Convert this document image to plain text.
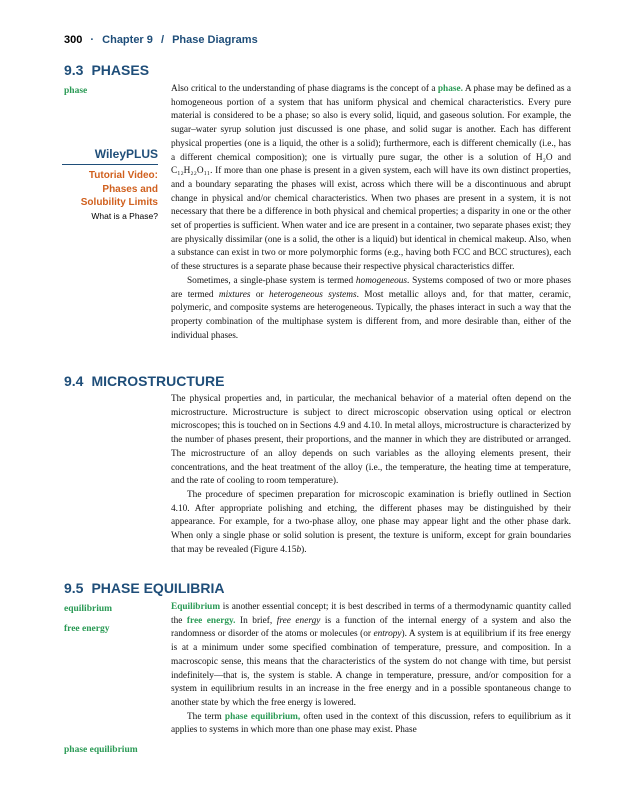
300 · Chapter 9 / Phase Diagrams
9.3 PHASES
phase
WileyPLUS
Tutorial Video:
Phases and
Solubility Limits
What is a Phase?

Also critical to the understanding of phase diagrams is the concept of a phase. A phase may be defined as a homogeneous portion of a system that has uniform physical and chemical characteristics. Every pure material is considered to be a phase; so also is every solid, liquid, and gaseous solution. For example, the sugar–water syrup solution just discussed is one phase, and solid sugar is another. Each has different physical properties (one is a liquid, the other is a solid); furthermore, each is different chemically (i.e., has a different chemical composition); one is virtually pure sugar, the other is a solution of H₂O and C₁₂H₂₂O₁₁. If more than one phase is present in a given system, each will have its own distinct properties, and a boundary separating the phases will exist, across which there will be a discontinuous and abrupt change in physical and/or chemical characteristics. When two phases are present in a system, it is not necessary that there be a difference in both physical and chemical properties; a disparity in one or the other set of properties is sufficient. When water and ice are present in a container, two separate phases exist; they are physically dissimilar (one is a solid, the other is a liquid) but identical in chemical makeup. Also, when a substance can exist in two or more polymorphic forms (e.g., having both FCC and BCC structures), each of these structures is a separate phase because their respective physical characteristics differ.

Sometimes, a single-phase system is termed homogeneous. Systems composed of two or more phases are termed mixtures or heterogeneous systems. Most metallic alloys and, for that matter, ceramic, polymeric, and composite systems are heterogeneous. Typically, the phases interact in such a way that the property combination of the multiphase system is different from, and more desirable than, either of the individual phases.

9.4 MICROSTRUCTURE

The physical properties and, in particular, the mechanical behavior of a material often depend on the microstructure. Microstructure is subject to direct microscopic observation using optical or electron microscopes; this is touched on in Sections 4.9 and 4.10. In metal alloys, microstructure is characterized by the number of phases present, their proportions, and the manner in which they are distributed or arranged. The microstructure of an alloy depends on such variables as the alloying elements present, their concentrations, and the heat treatment of the alloy (i.e., the temperature, the heating time at temperature, and the rate of cooling to room temperature).

The procedure of specimen preparation for microscopic examination is briefly outlined in Section 4.10. After appropriate polishing and etching, the different phases may be distinguished by their appearance. For example, for a two-phase alloy, one phase may appear light and the other phase dark. When only a single phase or solid solution is present, the texture is uniform, except for grain boundaries that may be revealed (Figure 4.15b).

9.5 PHASE EQUILIBRIA
equilibrium
free energy
phase equilibrium

Equilibrium is another essential concept; it is best described in terms of a thermodynamic quantity called the free energy. In brief, free energy is a function of the internal energy of a system and also the randomness or disorder of the atoms or molecules (or entropy). A system is at equilibrium if its free energy is at a minimum under some specified combination of temperature, pressure, and composition. In a macroscopic sense, this means that the characteristics of the system do not change with time, but persist indefinitely—that is, the system is stable. A change in temperature, pressure, and/or composition for a system in equilibrium results in an increase in the free energy and in a possible spontaneous change to another state by which the free energy is lowered.

The term phase equilibrium, often used in the context of this discussion, refers to equilibrium as it applies to systems in which more than one phase may exist. Phase
